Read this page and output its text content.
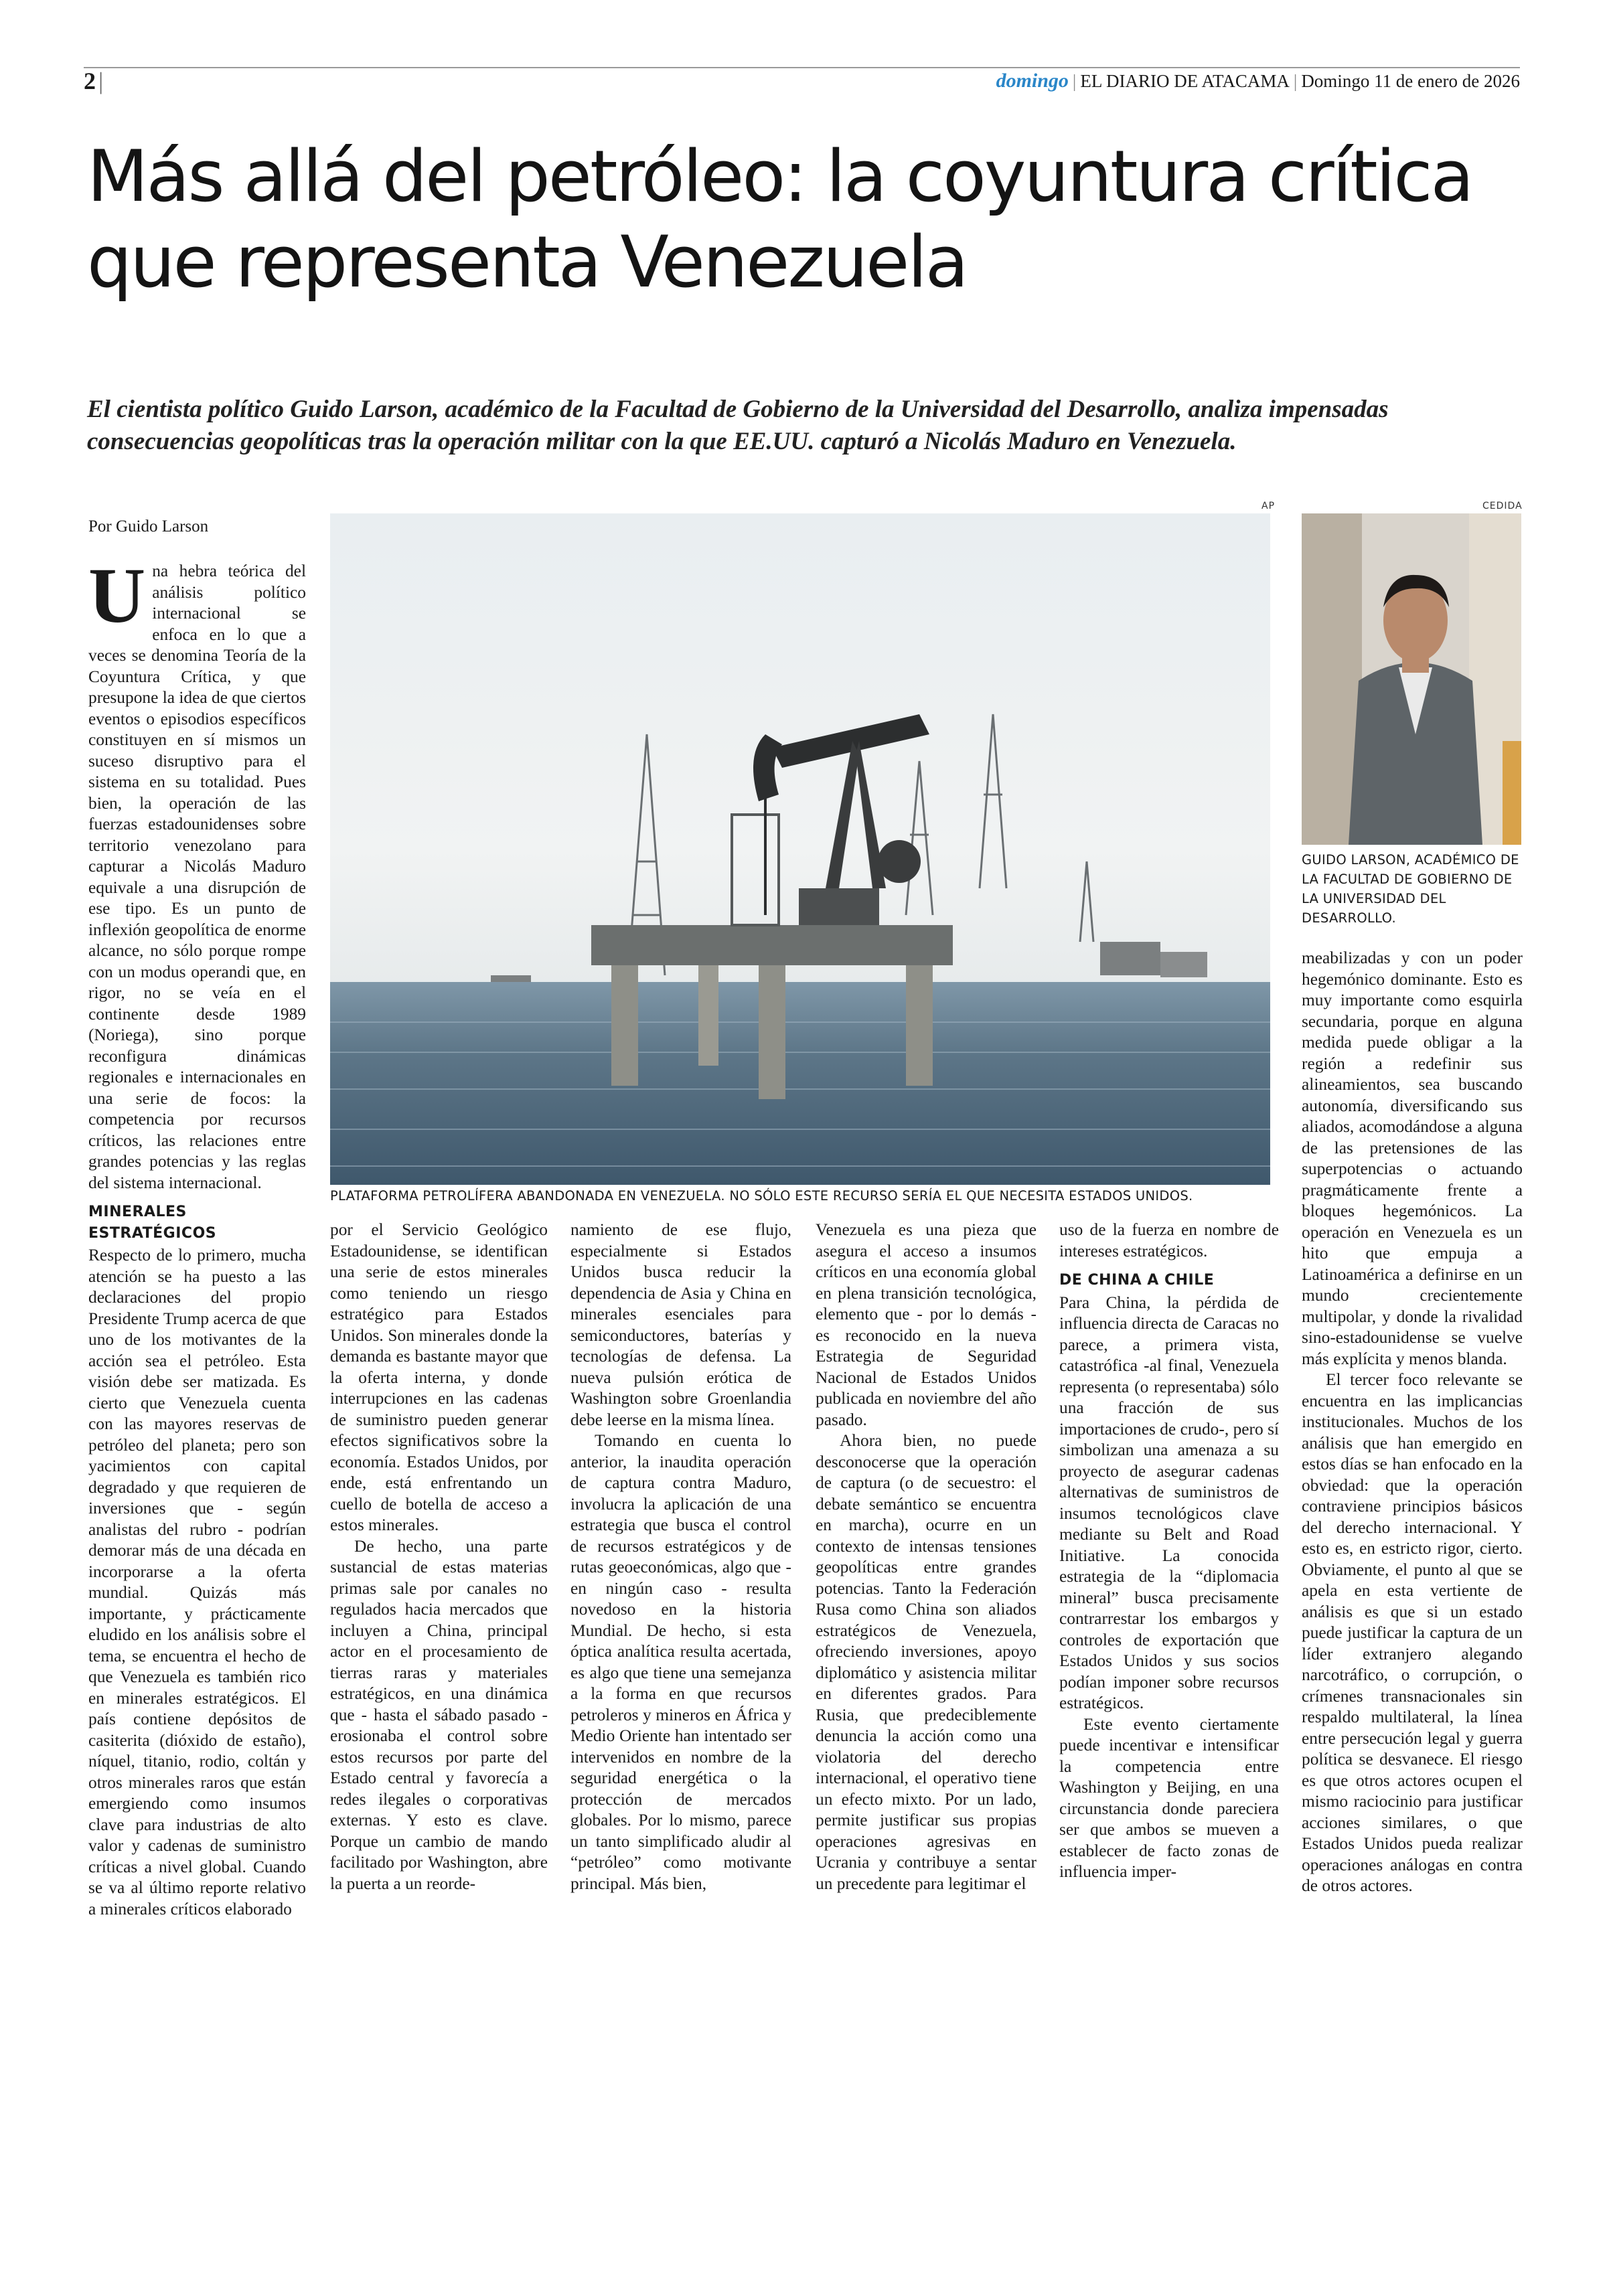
2 |	domingo | EL DIARIO DE ATACAMA | Domingo 11 de enero de 2026
Más allá del petróleo: la coyuntura crítica que representa Venezuela
El cientista político Guido Larson, académico de la Facultad de Gobierno de la Universidad del Desarrollo, analiza impensadas consecuencias geopolíticas tras la operación militar con la que EE.UU. capturó a Nicolás Maduro en Venezuela.
Por Guido Larson
AP
PLATAFORMA PETROLÍFERA ABANDONADA EN VENEZUELA. NO SÓLO ESTE RECURSO SERÍA EL QUE NECESITA ESTADOS UNIDOS.
CEDIDA
GUIDO LARSON, ACADÉMICO DE LA FACULTAD DE GOBIERNO DE LA UNIVERSIDAD DEL DESARROLLO.

Una hebra teórica del análisis político internacional se enfoca en lo que a veces se denomina Teoría de la Coyuntura Crítica, y que presupone la idea de que ciertos eventos o episodios específicos constituyen en sí mismos un suceso disruptivo para el sistema en su totalidad. Pues bien, la operación de las fuerzas estadounidenses sobre territorio venezolano para capturar a Nicolás Maduro equivale a una disrupción de ese tipo. Es un punto de inflexión geopolítica de enorme alcance, no sólo porque rompe con un modus operandi que, en rigor, no se veía en el continente desde 1989 (Noriega), sino porque reconfigura dinámicas regionales e internacionales en una serie de focos: la competencia por recursos críticos, las relaciones entre grandes potencias y las reglas del sistema internacional.

MINERALES ESTRATÉGICOS

Respecto de lo primero, mucha atención se ha puesto a las declaraciones del propio Presidente Trump acerca de que uno de los motivantes de la acción sea el petróleo. Esta visión debe ser matizada. Es cierto que Venezuela cuenta con las mayores reservas de petróleo del planeta; pero son yacimientos con capital degradado y que requieren de inversiones que - según analistas del rubro - podrían demorar más de una década en incorporarse a la oferta mundial. Quizás más importante, y prácticamente eludido en los análisis sobre el tema, se encuentra el hecho de que Venezuela es también rico en minerales estratégicos. El país contiene depósitos de casiterita (dióxido de estaño), níquel, titanio, rodio, coltán y otros minerales raros que están emergiendo como insumos clave para industrias de alto valor y cadenas de suministro críticas a nivel global. Cuando se va al último reporte relativo a minerales críticos elaborado

por el Servicio Geológico Estadounidense, se identifican una serie de estos minerales como teniendo un riesgo estratégico para Estados Unidos. Son minerales donde la demanda es bastante mayor que la oferta interna, y donde interrupciones en las cadenas de suministro pueden generar efectos significativos sobre la economía. Estados Unidos, por ende, está enfrentando un cuello de botella de acceso a estos minerales.

De hecho, una parte sustancial de estas materias primas sale por canales no regulados hacia mercados que incluyen a China, principal actor en el procesamiento de tierras raras y materiales estratégicos, en una dinámica que - hasta el sábado pasado - erosionaba el control sobre estos recursos por parte del Estado central y favorecía a redes ilegales o corporativas externas. Y esto es clave. Porque un cambio de mando facilitado por Washington, abre la puerta a un reorde-

namiento de ese flujo, especialmente si Estados Unidos busca reducir la dependencia de Asia y China en minerales esenciales para semiconductores, baterías y tecnologías de defensa. La nueva pulsión erótica de Washington sobre Groenlandia debe leerse en la misma línea.

Tomando en cuenta lo anterior, la inaudita operación de captura contra Maduro, involucra la aplicación de una estrategia que busca el control de recursos estratégicos y de rutas geoeconómicas, algo que - en ningún caso - resulta novedoso en la historia Mundial. De hecho, si esta óptica analítica resulta acertada, es algo que tiene una semejanza a la forma en que recursos petroleros y mineros en África y Medio Oriente han intentado ser intervenidos en nombre de la seguridad energética o la protección de mercados globales. Por lo mismo, parece un tanto simplificado aludir al “petróleo” como motivante principal. Más bien,

Venezuela es una pieza que asegura el acceso a insumos críticos en una economía global en plena transición tecnológica, elemento que - por lo demás - es reconocido en la nueva Estrategia de Seguridad Nacional de Estados Unidos publicada en noviembre del año pasado.

Ahora bien, no puede desconocerse que la operación de captura (o de secuestro: el debate semántico se encuentra en marcha), ocurre en un contexto de intensas tensiones geopolíticas entre grandes potencias. Tanto la Federación Rusa como China son aliados estratégicos de Venezuela, ofreciendo inversiones, apoyo diplomático y asistencia militar en diferentes grados. Para Rusia, que predeciblemente denuncia la acción como una violatoria del derecho internacional, el operativo tiene un efecto mixto. Por un lado, permite justificar sus propias operaciones agresivas en Ucrania y contribuye a sentar un precedente para legitimar el

uso de la fuerza en nombre de intereses estratégicos.

DE CHINA A CHILE

Para China, la pérdida de influencia directa de Caracas no parece, a primera vista, catastrófica -al final, Venezuela representa (o representaba) sólo una fracción de sus importaciones de crudo-, pero sí simbolizan una amenaza a su proyecto de asegurar cadenas alternativas de suministros de insumos tecnológicos clave mediante su Belt and Road Initiative. La conocida estrategia de la “diplomacia mineral” busca precisamente contrarrestar los embargos y controles de exportación que Estados Unidos y sus socios podían imponer sobre recursos estratégicos.

Este evento ciertamente puede incentivar e intensificar la competencia entre Washington y Beijing, en una circunstancia donde pareciera ser que ambos se mueven a establecer de facto zonas de influencia imper-

meabilizadas y con un poder hegemónico dominante. Esto es muy importante como esquirla secundaria, porque en alguna medida puede obligar a la región a redefinir sus alineamientos, sea buscando autonomía, diversificando sus aliados, acomodándose a alguna de las pretensiones de las superpotencias o actuando pragmáticamente frente a bloques hegemónicos. La operación en Venezuela es un hito que empuja a Latinoamérica a definirse en un mundo crecientemente multipolar, y donde la rivalidad sino-estadounidense se vuelve más explícita y menos blanda.

El tercer foco relevante se encuentra en las implicancias institucionales. Muchos de los análisis que han emergido en estos días se han enfocado en la obviedad: que la operación contraviene principios básicos del derecho internacional. Y esto es, en estricto rigor, cierto. Obviamente, el punto al que se apela en esta vertiente de análisis es que si un estado puede justificar la captura de un líder extranjero alegando narcotráfico, o corrupción, o crímenes transnacionales sin respaldo multilateral, la línea entre persecución legal y guerra política se desvanece. El riesgo es que otros actores ocupen el mismo raciocinio para justificar acciones similares, o que Estados Unidos pueda realizar operaciones análogas en contra de otros actores.
